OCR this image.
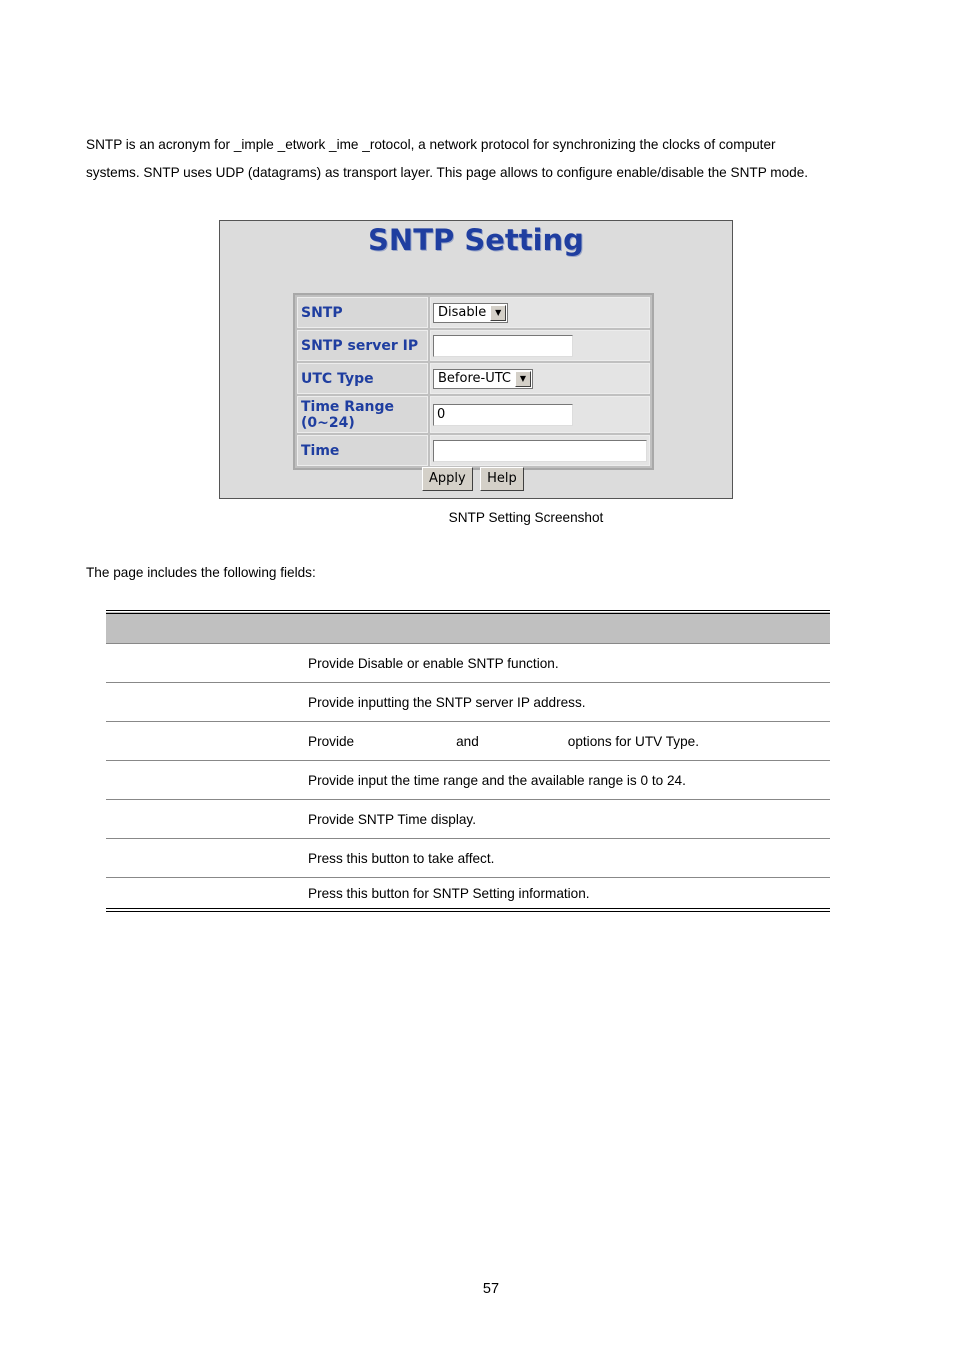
SNTP is an acronym for _imple _etwork _ime _rotocol, a network protocol for synchronizing the clocks of computer
systems. SNTP uses UDP (datagrams) as transport layer. This page allows to configure enable/disable the SNTP mode.

SNTP Setting
SNTP	Disable ▼

SNTP server IP	
UTC Type	Before-UTC ▼

Time Range
(0~24)	0
Time	
Apply Help

SNTP Setting Screenshot

The page includes the following fields:

	Provide Disable or enable SNTP function.
	Provide inputting the SNTP server IP address.
	Provide and options for UTV Type.
	Provide input the time range and the available range is 0 to 24.
	Provide SNTP Time display.
	Press this button to take affect.
	Press this button for SNTP Setting information.

57
